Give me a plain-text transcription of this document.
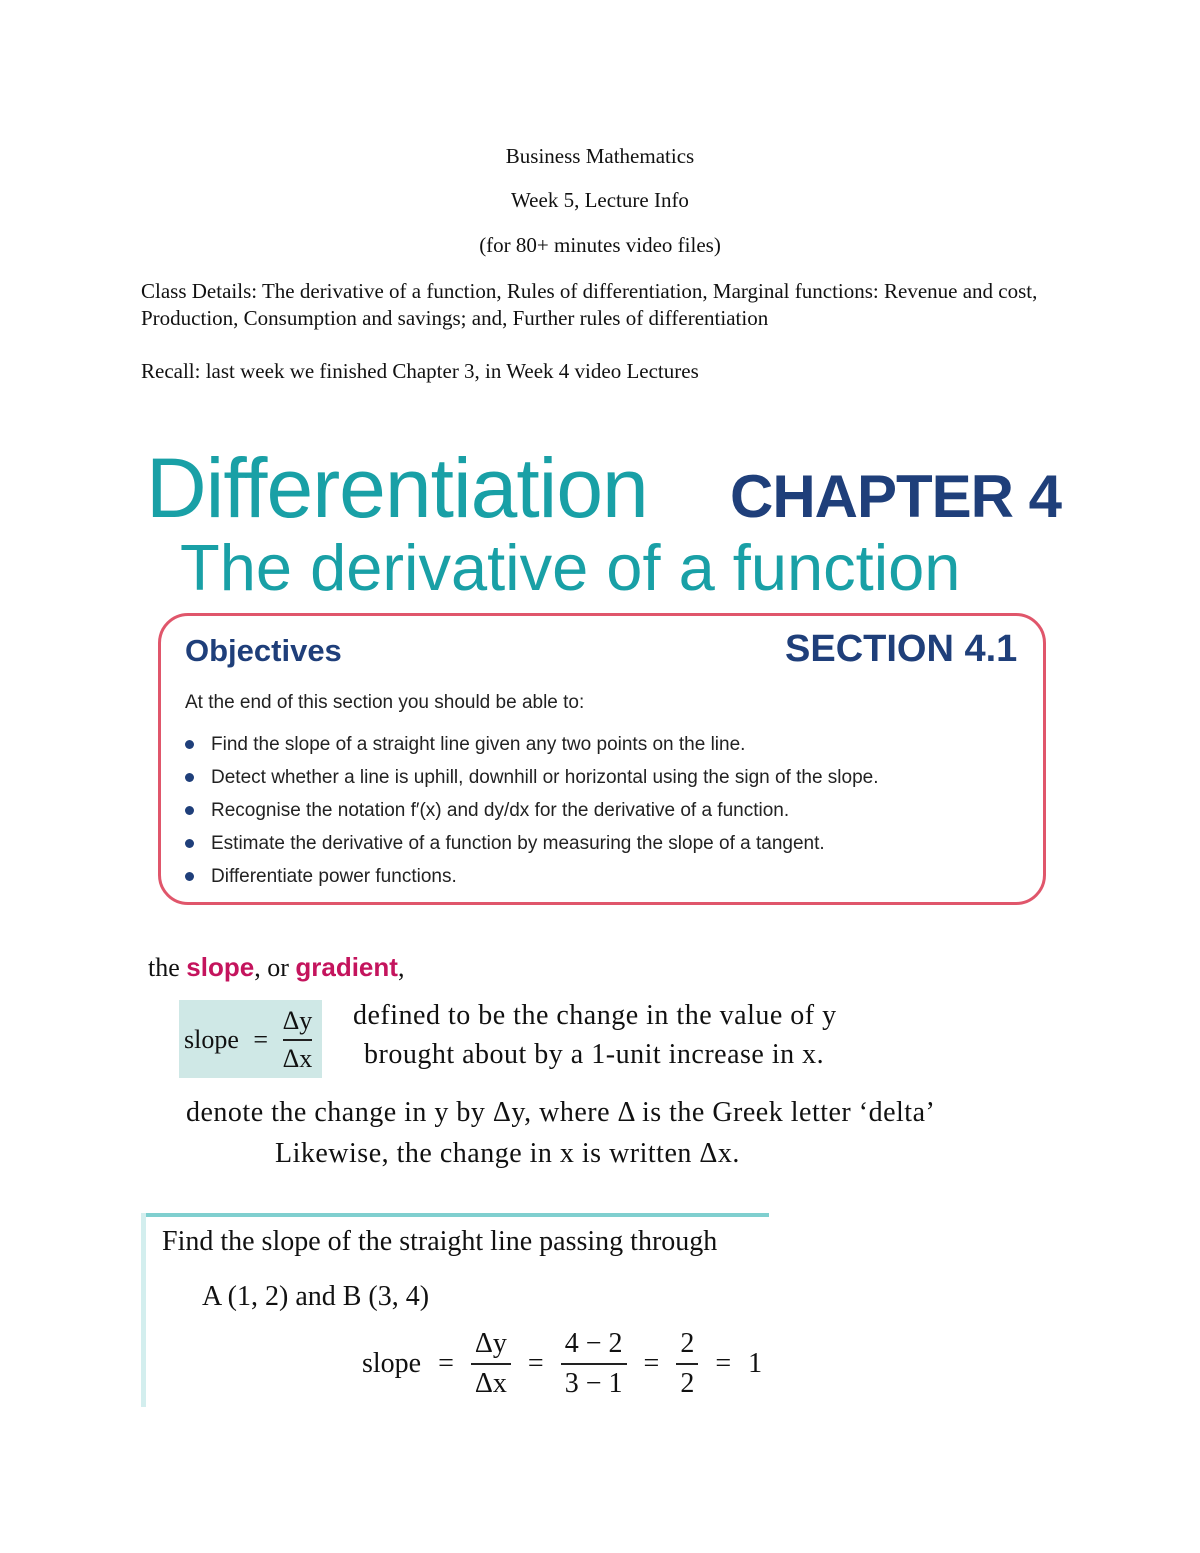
Business Mathematics
Week 5, Lecture Info
(for 80+ minutes video files)
Class Details: The derivative of a function, Rules of differentiation, Marginal functions: Revenue and cost, Production, Consumption and savings; and, Further rules of differentiation
Recall: last week we finished Chapter 3, in Week 4 video Lectures
Differentiation CHAPTER 4
The derivative of a function
Objectives	SECTION 4.1
At the end of this section you should be able to:
Find the slope of a straight line given any two points on the line.
Detect whether a line is uphill, downhill or horizontal using the sign of the slope.
Recognise the notation f′(x) and dy/dx for the derivative of a function.
Estimate the derivative of a function by measuring the slope of a tangent.
Differentiate power functions.
the slope, or gradient,
slope = $\frac{\Delta y}{\Delta x}$ defined to be the change in the value of y
brought about by a 1-unit increase in x.
denote the change in y by Δy, where Δ is the Greek letter ‘delta’
Likewise, the change in x is written Δx.
Find the slope of the straight line passing through
A (1, 2) and B (3, 4)
slope = $\frac{\Delta y}{\Delta x} = \frac{4 - 2}{3 - 1} = \frac{2}{2} = 1$
